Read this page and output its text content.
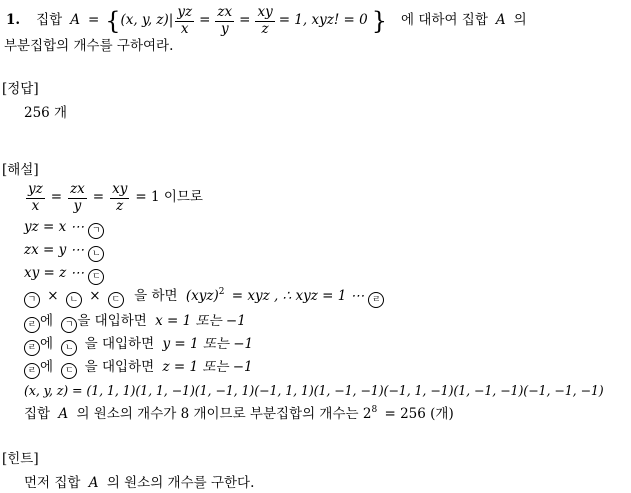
1. 집합 A = { (x, y, $z)| \frac{yz}{x} = \frac{zx}{y} = \frac{xy}{z} = 1$, xyz! = 0 } 에 대하여 집합 A 의
부분집합의 개수를 구하여라.
[정답]
256 개
[해설]
$\frac{yz}{x} = \frac{zx}{y} = \frac{xy}{z} = 1$ 이므로
yz = x ⋯ ㄱ
zx = y ⋯ ㄴ
xy = z ⋯ ㄷ
ㄱ × ㄴ × ㄷ 을 하면 (xyz)$^2$ = xyz , ∴ xyz = 1 ⋯ ㄹ
ㄹ 에 ㄱ 을 대입하면 x = 1 또는 −1
ㄹ 에 ㄴ 을 대입하면 y = 1 또는 −1
ㄹ 에 ㄷ 을 대입하면 z = 1 또는 −1
(x, y, z) = (1, 1, 1)(1, 1, −1)(1, −1, 1)(−1, 1, 1)(1, −1, −1)(−1, 1, −1)(1, −1, −1)(−1, −1, −1)
집합 A 의 원소의 개수가 8 개이므로 부분집합의 개수는 $2^8 = 256$ (개)
[힌트]
먼저 집합 A 의 원소의 개수를 구한다.
